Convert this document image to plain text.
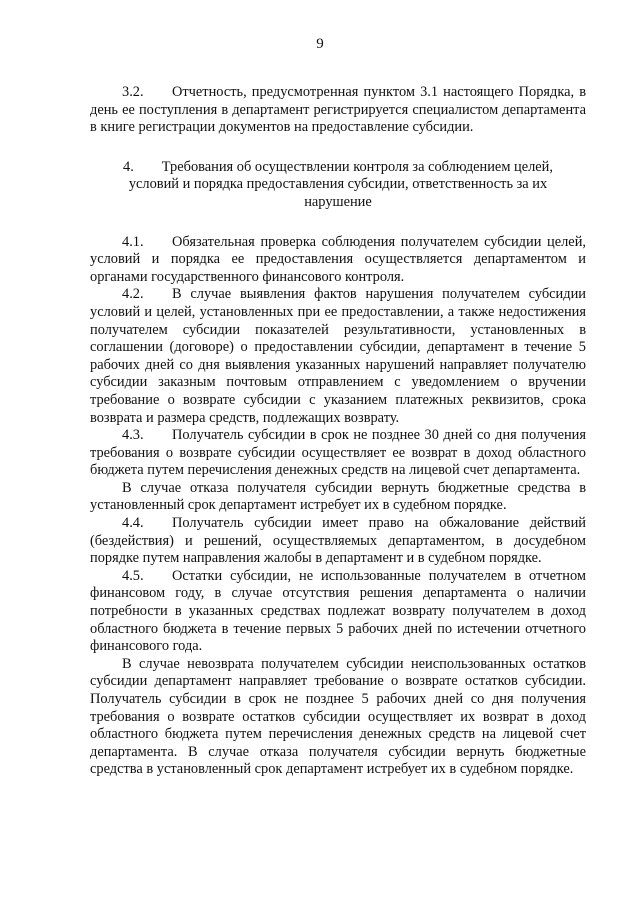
9

3.2. Отчетность, предусмотренная пунктом 3.1 настоящего Порядка, в день ее поступления в департамент регистрируется специалистом департамента в книге регистрации документов на предоставление субсидии.

4. Требования об осуществлении контроля за соблюдением целей, условий и порядка предоставления субсидии, ответственность за их нарушение

4.1. Обязательная проверка соблюдения получателем субсидии целей, условий и порядка ее предоставления осуществляется департаментом и органами государственного финансового контроля.

4.2. В случае выявления фактов нарушения получателем субсидии условий и целей, установленных при ее предоставлении, а также недостижения получателем субсидии показателей результативности, установленных в соглашении (договоре) о предоставлении субсидии, департамент в течение 5 рабочих дней со дня выявления указанных нарушений направляет получателю субсидии заказным почтовым отправлением с уведомлением о вручении требование о возврате субсидии с указанием платежных реквизитов, срока возврата и размера средств, подлежащих возврату.

4.3. Получатель субсидии в срок не позднее 30 дней со дня получения требования о возврате субсидии осуществляет ее возврат в доход областного бюджета путем перечисления денежных средств на лицевой счет департамента.

В случае отказа получателя субсидии вернуть бюджетные средства в установленный срок департамент истребует их в судебном порядке.

4.4. Получатель субсидии имеет право на обжалование действий (бездействия) и решений, осуществляемых департаментом, в досудебном порядке путем направления жалобы в департамент и в судебном порядке.

4.5. Остатки субсидии, не использованные получателем в отчетном финансовом году, в случае отсутствия решения департамента о наличии потребности в указанных средствах подлежат возврату получателем в доход областного бюджета в течение первых 5 рабочих дней по истечении отчетного финансового года.

В случае невозврата получателем субсидии неиспользованных остатков субсидии департамент направляет требование о возврате остатков субсидии. Получатель субсидии в срок не позднее 5 рабочих дней со дня получения требования о возврате остатков субсидии осуществляет их возврат в доход областного бюджета путем перечисления денежных средств на лицевой счет департамента. В случае отказа получателя субсидии вернуть бюджетные средства в установленный срок департамент истребует их в судебном порядке.
